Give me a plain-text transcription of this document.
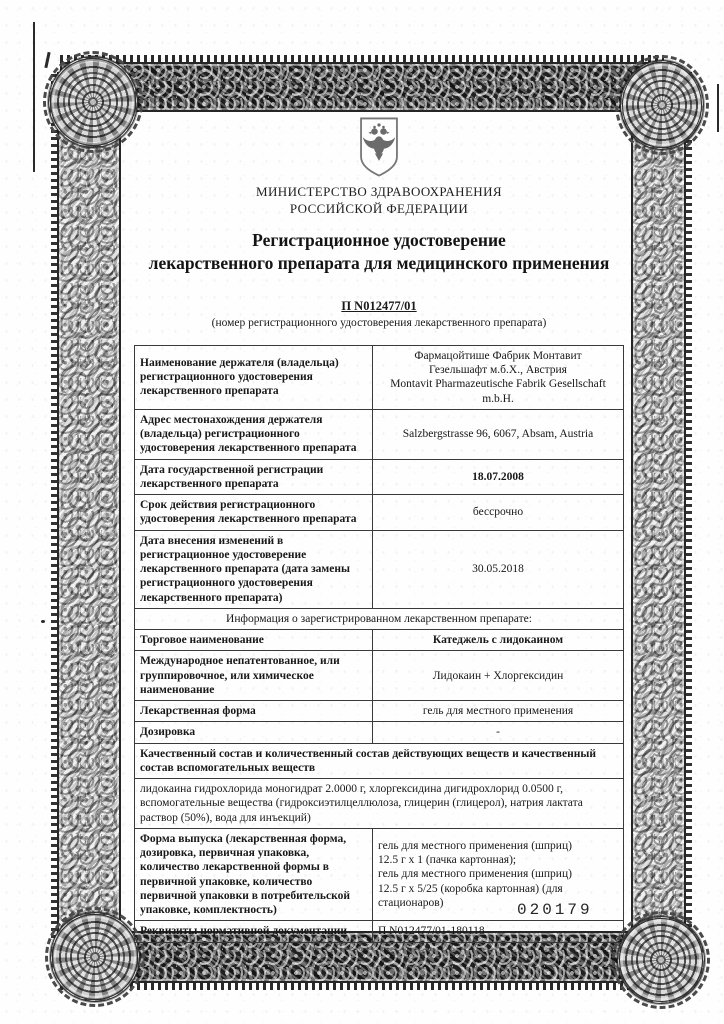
МИНИСТЕРСТВО ЗДРАВООХРАНЕНИЯ
РОССИЙСКОЙ ФЕДЕРАЦИИ
Регистрационное удостоверение
лекарственного препарата для медицинского применения
П N012477/01
(номер регистрационного удостоверения лекарственного препарата)
Наименование держателя (владельца) регистрационного удостоверения лекарственного препарата	Фармацойтише Фабрик Монтавит
Гезельшафт м.б.Х., Австрия
Montavit Pharmazeutische Fabrik Gesellschaft m.b.H.

Адрес местонахождения держателя (владельца) регистрационного удостоверения лекарственного препарата	Salzbergstrasse 96, 6067, Absam, Austria
Дата государственной регистрации лекарственного препарата	18.07.2008
Срок действия регистрационного удостоверения лекарственного препарата	бессрочно
Дата внесения изменений в регистрационное удостоверение лекарственного препарата (дата замены регистрационного удостоверения лекарственного препарата)	30.05.2018
Информация о зарегистрированном лекарственном препарате:	
Торговое наименование	Катеджель с лидокаином
Международное непатентованное, или группировочное, или химическое наименование	Лидокаин + Хлоргексидин
Лекарственная форма	гель для местного применения
Дозировка	-
Качественный состав и количественный состав действующих веществ и качественный состав вспомогательных веществ	
лидокаина гидрохлорида моногидрат 2.0000 г, хлоргексидина дигидрохлорид 0.0500 г, вспомогательные вещества (гидроксиэтилцеллюлоза, глицерин (глицерол), натрия лактата раствор (50%), вода для инъекций)	
Форма выпуска (лекарственная форма, дозировка, первичная упаковка, количество лекарственной формы в первичной упаковке, количество первичной упаковки в потребительской упаковке, комплектность)	гель для местного применения (шприц)
12.5 г x 1 (пачка картонная);
гель для местного применения (шприц)
12.5 г x 5/25 (коробка картонная) (для стационаров)

Реквизиты нормативной документации	П N012477/01-180118
020179
